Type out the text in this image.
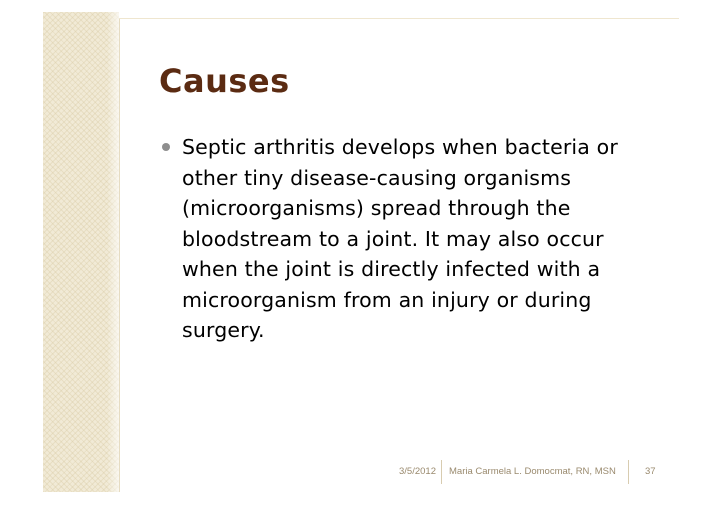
Causes
Septic arthritis develops when bacteria or other tiny disease-causing organisms (microorganisms) spread through the bloodstream to a joint. It may also occur when the joint is directly infected with a microorganism from an injury or during surgery.
3/5/2012 Maria Carmela L. Domocmat, RN, MSN	37
